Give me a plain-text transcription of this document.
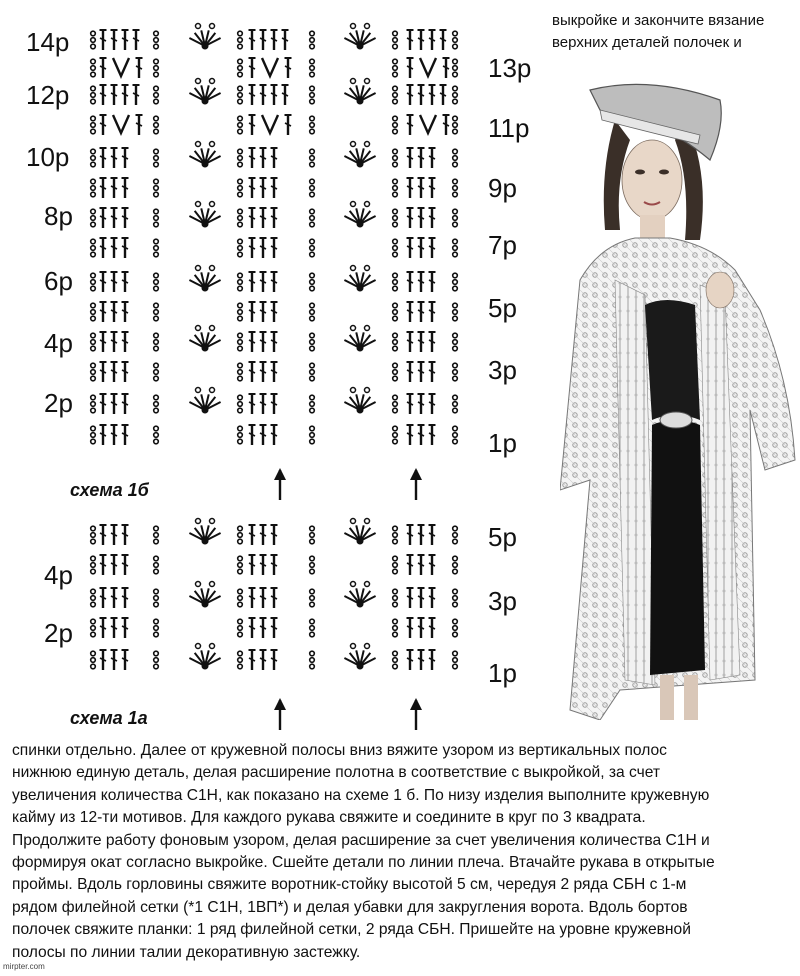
выкройке и закончите вязание
верхних деталей полочек и
14р
12р
10р
8р
6р
4р
2р
13р
11р
9р
7р
5р
3р
1р
схема 1б
4р
2р
5р
3р
1р
схема 1а
спинки отдельно. Далее от кружевной полосы вниз вяжите узором из вертикальных полос
нижнюю единую деталь, делая расширение полотна в соответствие с выкройкой, за счет
увеличения количества С1Н, как показано на схеме 1 б. По низу изделия выполните кружевную
кайму из 12-ти мотивов. Для каждого рукава свяжите и соедините в круг по 3 квадрата.
Продолжите работу фоновым узором, делая расширение за счет увеличения количества С1Н и
формируя окат согласно выкройке. Сшейте детали по линии плеча. Втачайте рукава в открытые
проймы. Вдоль горловины свяжите воротник-стойку высотой 5 см, чередуя 2 ряда СБН с 1-м
рядом филейной сетки (*1 С1Н, 1ВП*) и делая убавки для закругления ворота. Вдоль бортов
полочек свяжите планки: 1 ряд филейной сетки, 2 ряда СБН. Пришейте на уровне кружевной
полосы по линии талии декоративную застежку.
mirpter.com
